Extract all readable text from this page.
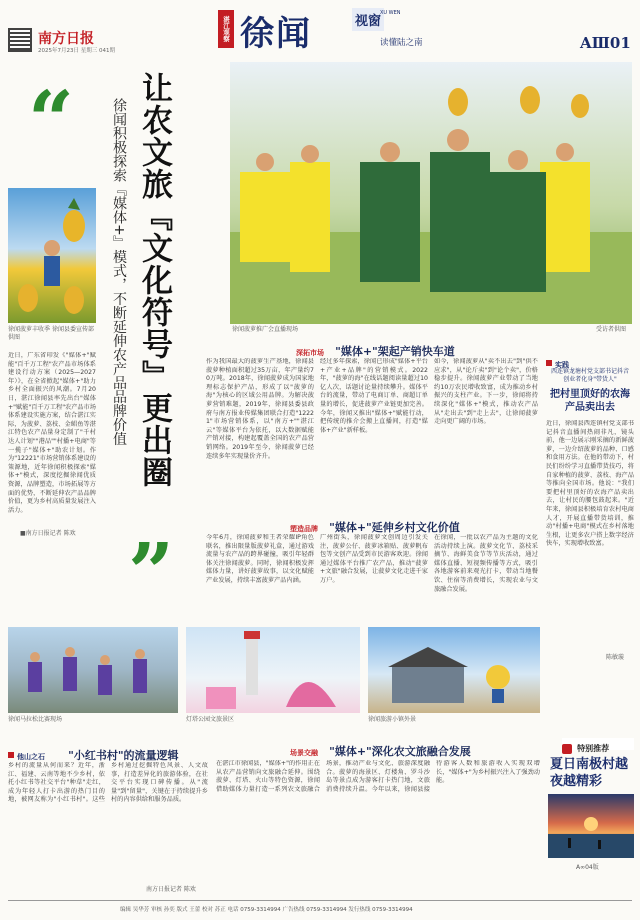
南方日报
2025年7月23日 星期三 041期
湛江观察 徐闻	视窗
XU WEN
读懂陆之南	AⅢ01
“
徐闻菠萝丰收季 徐闻县委宣传部 供图
近日，广东省印发《"媒体+"赋能"百千万工程"农产品市场体系建设行动方案（2025—2027年）》，在全省掀起"媒体+"助力乡村全面振兴的风潮。7月20日，湛江徐闻县率先出台"媒体+"赋能"百千万工程"农产品市场体系建设实施方案，结合湛江实际，为菠萝、荔枝、金鲳鱼等湛江特色农产品量身定制了"千村达人计划""港品""村播+电商"等一揽子"媒体+"助农计划。作为"12221"市场营销体系建设的策源地，近年徐闻积极探索"媒体+"模式，深度挖掘徐闻优质资源，品牌塑造，市场拓展等方面的优势，不断延伸农产品品牌价值，更为乡村高质量发展注入活力。
■南方日报记者 陈欢
让农文旅『文化符号』更出圈
徐闻积极探索『媒体+』模式，不断延伸农产品品牌价值
”
徐闻菠萝推广会直播现场	受访者供图
深拓市场 "媒体+"架起产销快车道
作为我国最大的菠萝生产基地，徐闻县菠萝种植面积超过35万亩，年产量约70万吨。2018年，徐闻菠萝成为国家地理标志保护产品，形成了以"菠萝的海"为核心的区域公用品牌。为解决菠萝营销难题，2019年，徐闻县委县政府与南方报业传媒集团联合打造"12221"市场营销体系，以"南方+""湛江云"等媒体平台为依托，以大数据赋能产销对接，构建起覆盖全国的农产品营销网络。2019年至今，徐闻菠萝已经连续多年实现量价齐升。
经过多年探索，徐闻已形成"媒体+平台+产业+品牌"的营销模式。2022年，"菠萝的海"在线话题阅读量超过10亿人次，话题讨论量持续攀升。媒体平台的流量，带动了电商订单、商超订单量的增长，促进菠萝产业链更加完善。今年，徐闻又推出"媒体+"赋能行动，把传统的推介会搬上直播间，打造"媒体+产业"新样板。
如今，徐闻菠萝从"卖不出去"到"供不应求"，从"论斤卖"到"论个卖"，价格稳步提升。徐闻菠萝产业带动了当地约10万农民增收致富，成为推动乡村振兴的支柱产业。下一步，徐闻将持续深化"媒体+"模式，推动农产品从"走出去"到"走上去"，让徐闻菠萝走向更广阔的市场。
塑造品牌 "媒体+"延伸乡村文化价值
今年6月，徐闻菠萝和王者荣耀IP角色联名，推出限量版菠萝礼盒，通过游戏流量与农产品的跨界碰撞，吸引年轻群体关注徐闻菠萝。同时，徐闻积极发挥媒体力量，讲好菠萝故事，以文化赋能产业发展，持续丰富菠萝产品内涵。
广州街头，徐闻菠萝文创周边引发关注，菠萝公仔、菠萝冰箱贴、菠萝帆布包等文创产品受到市民游客欢迎。徐闻通过媒体平台推广农产品，推动"菠萝+文旅"融合发展，让菠萝文化走进千家万户。
在徐闻，一批以农产品为主题的文化活动持续上演。菠萝文化节、荔枝采摘节、海鲜美食节等节庆活动，通过媒体直播、短视频传播等方式，吸引各地游客前来观光打卡，带动当地餐饮、住宿等消费增长，实现农业与文旅融合发展。
实践
西连镇龙塘村党支部书记抖音
创业者化身"带货人"
把村里顶好的农海产品卖出去
近日，徐闻县西连镇村党支部书记抖音直播间热闹非凡，镜头前，他一边展示刚采摘的新鲜菠萝，一边介绍菠萝的品种、口感和食用方法。在他的带动下，村民们纷纷学习直播带货技巧，将自家种植的菠萝、荔枝、海产品等推向全国市场。他说："我们要把村里顶好的农海产品卖出去，让村民的腰包鼓起来。"近年来，徐闻县积极培育农村电商人才，开展直播带货培训，推动"村播+电商"模式在乡村落地生根，让更多农户搭上数字经济快车，实现增收致富。
陈敏璇
徐闻马拉松比赛现场	灯塔公园文旅景区	徐闻旅游小镇外景
他山之石 "小红书村"的流量逻辑
乡村的流量从何而来？近年，浙江、福建、云南等地不少乡村，依托小红书等社交平台"种草"走红，成为年轻人打卡出游的热门目的地，被网友称为"小红书村"。这些乡村通过挖掘特色风景、人文故事，打造差异化的旅游体验，在社交平台实现口碑传播。从"流量"到"留量"，关键在于持续提升乡村的内容供给和服务品质。
南方日报记者 陈欢
场景交融 "媒体+"深化农文旅融合发展
在湛江市徐闻县，"媒体+"的作用正在从农产品营销向文旅融合延伸。围绕菠萝、灯塔、火山等特色资源，徐闻借助媒体力量打造一系列农文旅融合场景，推动产业与文化、旅游深度融合。菠萝的海景区、灯楼角、罗斗沙岛等景点成为游客打卡热门地，文旅消费持续升温。今年以来，徐闻县接待游客人数和旅游收入实现双增长，"媒体+"为乡村振兴注入了强劲动能。
特别推荐
夏日南极村越夜越精彩
A∞04版
编辑 吴华芳 审核 孙奕 版式 王蕾 校对 苏正 电话 0759-3314994 广告热线 0759-3314994 发行热线 0759-3314994
